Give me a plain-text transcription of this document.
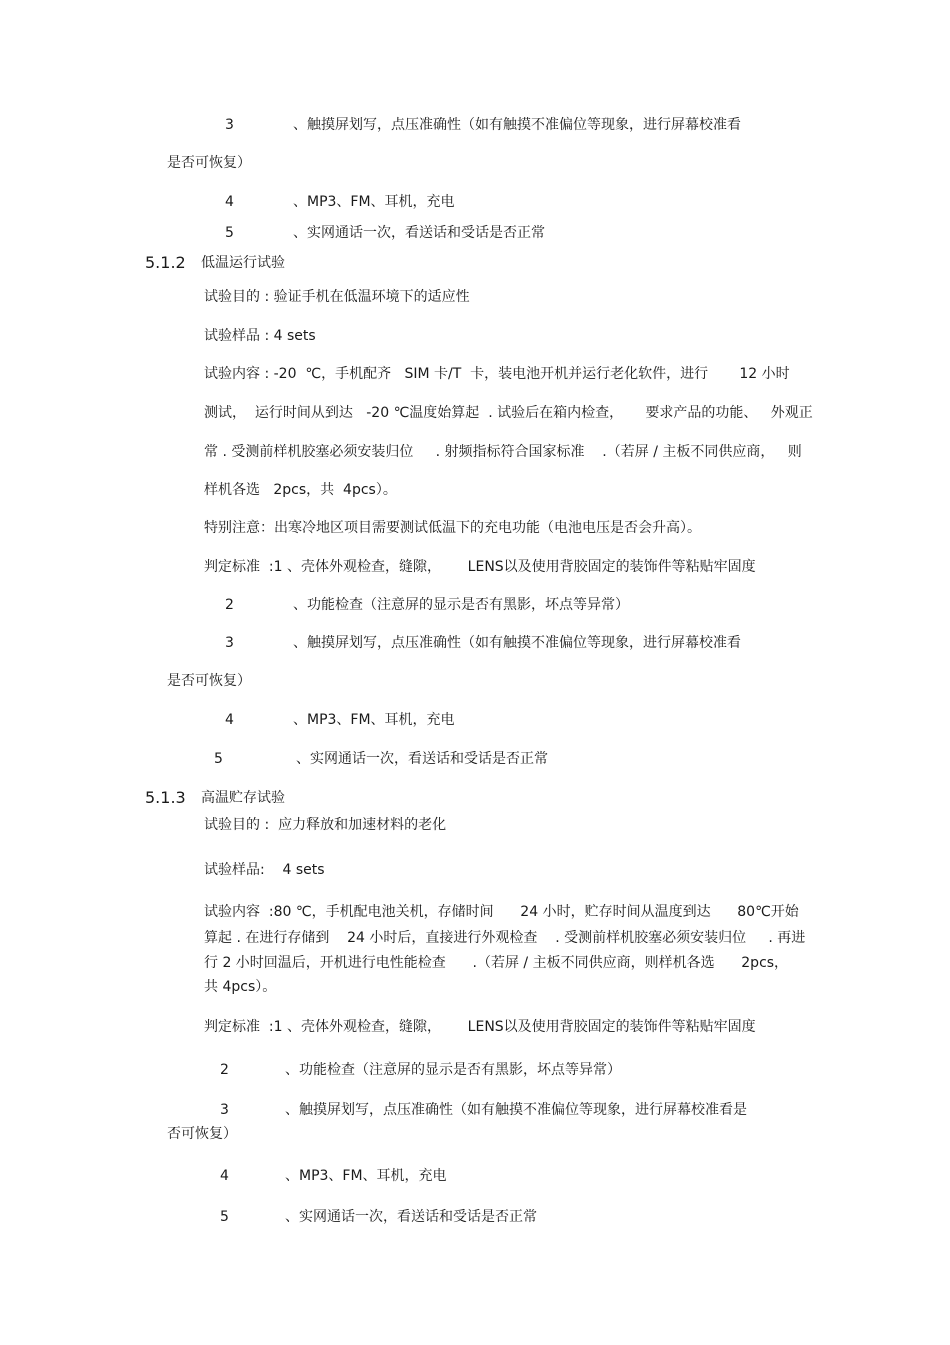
3	、触摸屏划写，点压准确性（如有触摸不准偏位等现象，进行屏幕校准看
是否可恢复）
4	、MP3、FM、耳机，充电
5	、实网通话一次，看送话和受话是否正常
5.1.2 低温运行试验
试验目的 : 验证手机在低温环境下的适应性
试验样品 : 4 sets
试验内容 : -20  ℃，手机配齐   SIM 卡/T  卡，装电池开机并运行老化软件，进行       12 小时
测试，  运行时间从到达   -20 ℃温度始算起  . 试验后在箱内检查，     要求产品的功能、   外观正
常 . 受测前样机胶塞必须安装归位     . 射频指标符合国家标准    .（若屏 / 主板不同供应商，   则
样机各选   2pcs，共  4pcs）。
特别注意：出寒冷地区项目需要测试低温下的充电功能（电池电压是否会升高）。
判定标准  :1 、壳体外观检查，缝隙，      LENS以及使用背胶固定的装饰件等粘贴牢固度
2	、功能检查（注意屏的显示是否有黑影，坏点等异常）
3	、触摸屏划写，点压准确性（如有触摸不准偏位等现象，进行屏幕校准看
是否可恢复）
4	、MP3、FM、耳机，充电
5	、实网通话一次，看送话和受话是否正常
5.1.3 高温贮存试验
试验目的 :  应力释放和加速材料的老化
试验样品:    4 sets
试验内容  :80 ℃，手机配电池关机，存储时间      24 小时，贮存时间从温度到达      80℃开始
算起 . 在进行存储到    24 小时后，直接进行外观检查    . 受测前样机胶塞必须安装归位     . 再进
行 2 小时回温后，开机进行电性能检查      .（若屏 / 主板不同供应商，则样机各选      2pcs，
共 4pcs）。
判定标准  :1 、壳体外观检查，缝隙，      LENS以及使用背胶固定的装饰件等粘贴牢固度
2	、功能检查（注意屏的显示是否有黑影，坏点等异常）
3	、触摸屏划写，点压准确性（如有触摸不准偏位等现象，进行屏幕校准看是
否可恢复）
4	、MP3、FM、耳机，充电
5	、实网通话一次，看送话和受话是否正常
